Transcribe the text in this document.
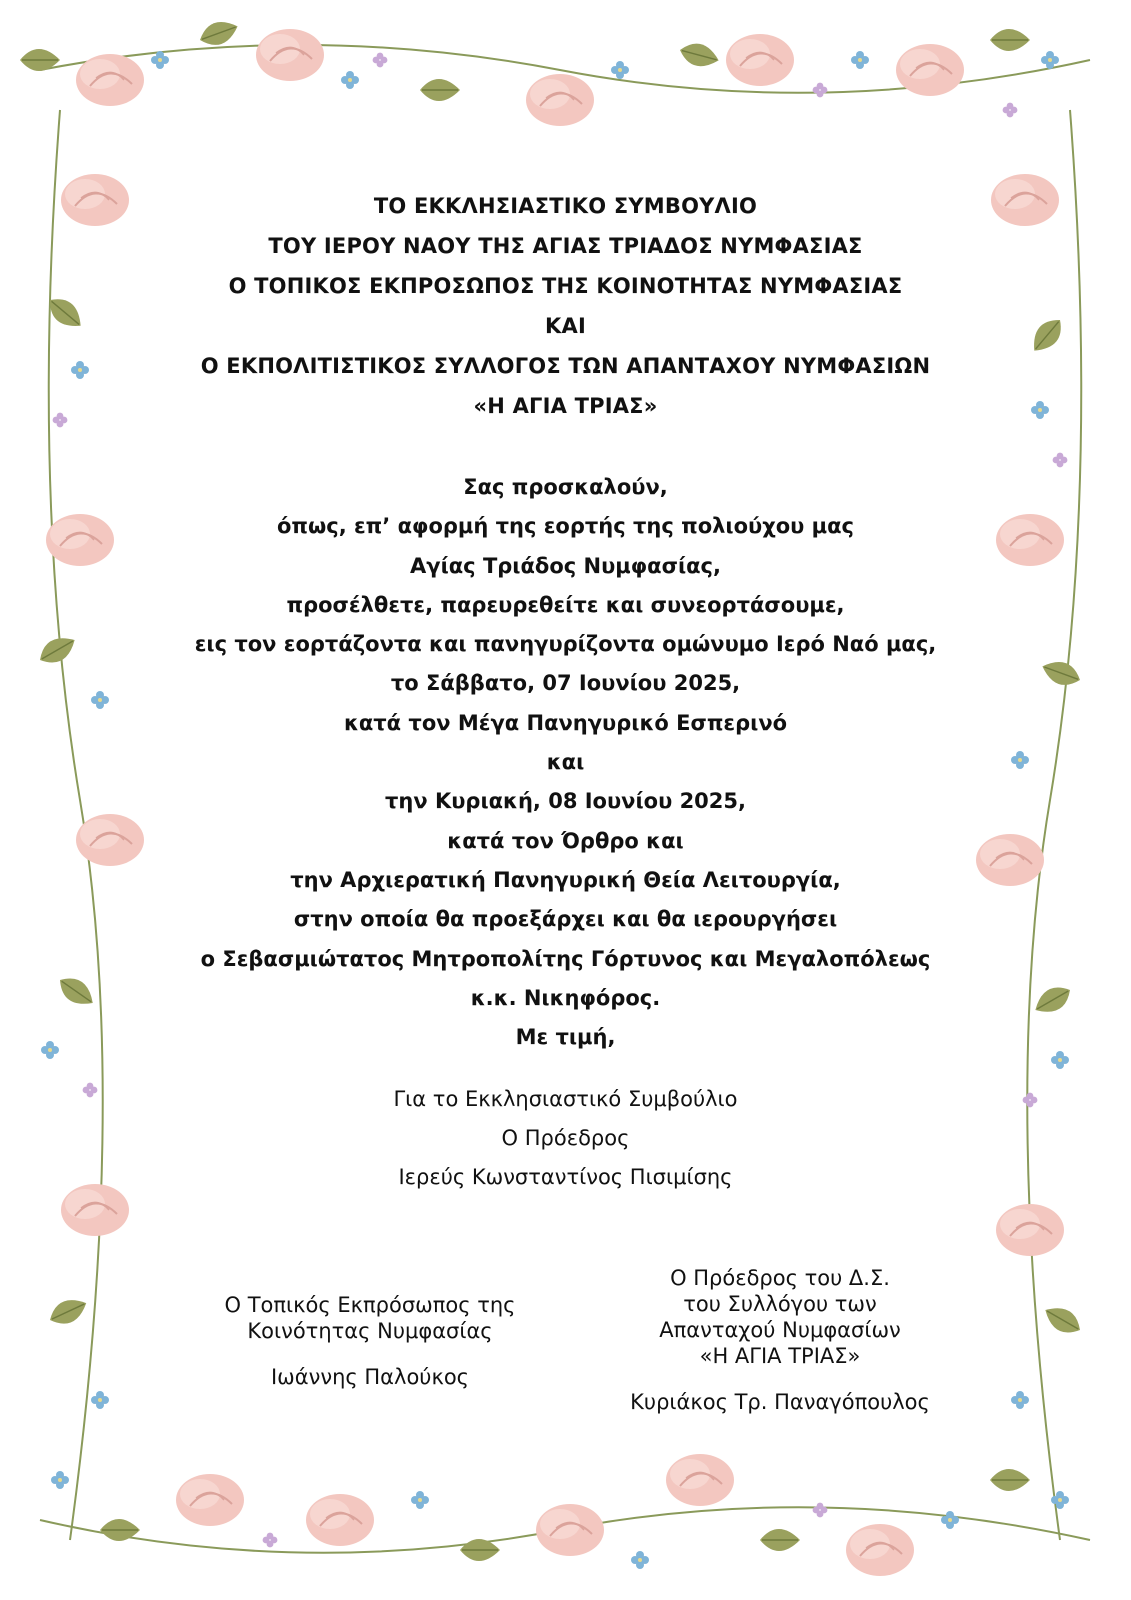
ΤΟ ΕΚΚΛΗΣΙΑΣΤΙΚΟ ΣΥΜΒΟΥΛΙΟ

ΤΟΥ ΙΕΡΟΥ ΝΑΟΥ ΤΗΣ ΑΓΙΑΣ ΤΡΙΑΔΟΣ ΝΥΜΦΑΣΙΑΣ

Ο ΤΟΠΙΚΟΣ ΕΚΠΡΟΣΩΠΟΣ ΤΗΣ ΚΟΙΝΟΤΗΤΑΣ ΝΥΜΦΑΣΙΑΣ

ΚΑΙ

Ο ΕΚΠΟΛΙΤΙΣΤΙΚΟΣ ΣΥΛΛΟΓΟΣ ΤΩΝ ΑΠΑΝΤΑΧΟΥ ΝΥΜΦΑΣΙΩΝ

«Η ΑΓΙΑ ΤΡΙΑΣ»

Σας προσκαλούν,

όπως, επ’ αφορμή της εορτής της πολιούχου μας

Αγίας Τριάδος Νυμφασίας,

προσέλθετε, παρευρεθείτε και συνεορτάσουμε,

εις τον εορτάζοντα και πανηγυρίζοντα ομώνυμο Ιερό Ναό μας,

το Σάββατο, 07 Ιουνίου 2025,

κατά τον Μέγα Πανηγυρικό Εσπερινό

και

την Κυριακή, 08 Ιουνίου 2025,

κατά τον Όρθρο και

την Αρχιερατική Πανηγυρική Θεία Λειτουργία,

στην οποία θα προεξάρχει και θα ιερουργήσει

ο Σεβασμιώτατος Μητροπολίτης Γόρτυνος και Μεγαλοπόλεως

κ.κ. Νικηφόρος.

Με τιμή,

Για το Εκκλησιαστικό Συμβούλιο

Ο Πρόεδρος

Ιερεύς Κωνσταντίνος Πισιμίσης

Ο Τοπικός Εκπρόσωπος της

Κοινότητας Νυμφασίας

Ιωάννης Παλούκος

Ο Πρόεδρος του Δ.Σ.

του Συλλόγου των

Απανταχού Νυμφασίων

«Η ΑΓΙΑ ΤΡΙΑΣ»

Κυριάκος Τρ. Παναγόπουλος
